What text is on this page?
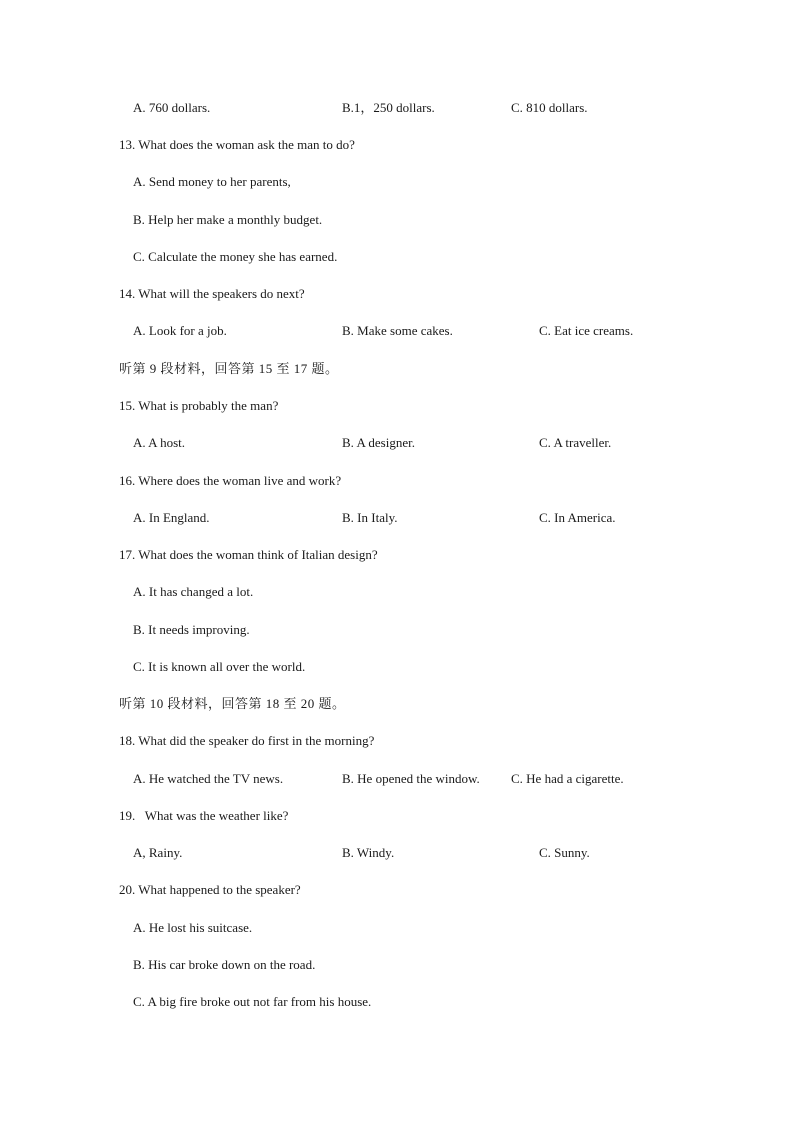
A. 760 dollars.	B.1，250 dollars.	C. 810 dollars.
13. What does the woman ask the man to do?
A. Send money to her parents,
B. Help her make a monthly budget.
C. Calculate the money she has earned.
14. What will the speakers do next?
A. Look for a job.	B. Make some cakes.	C. Eat ice creams.
听第 9 段材料，回答第 15 至 17 题。
15. What is probably the man?
A. A host.	B. A designer.	C. A traveller.
16. Where does the woman live and work?
A. In England.	B. In Italy.	C. In America.
17. What does the woman think of Italian design?
A. It has changed a lot.
B. It needs improving.
C. It is known all over the world.
听第 10 段材料，回答第 18 至 20 题。
18. What did the speaker do first in the morning?
A. He watched the TV news.	B. He opened the window. C. He had a cigarette.
19.   What was the weather like?
A, Rainy.	B. Windy.	C. Sunny.
20. What happened to the speaker?
A. He lost his suitcase.
B. His car broke down on the road.
C. A big fire broke out not far from his house.
